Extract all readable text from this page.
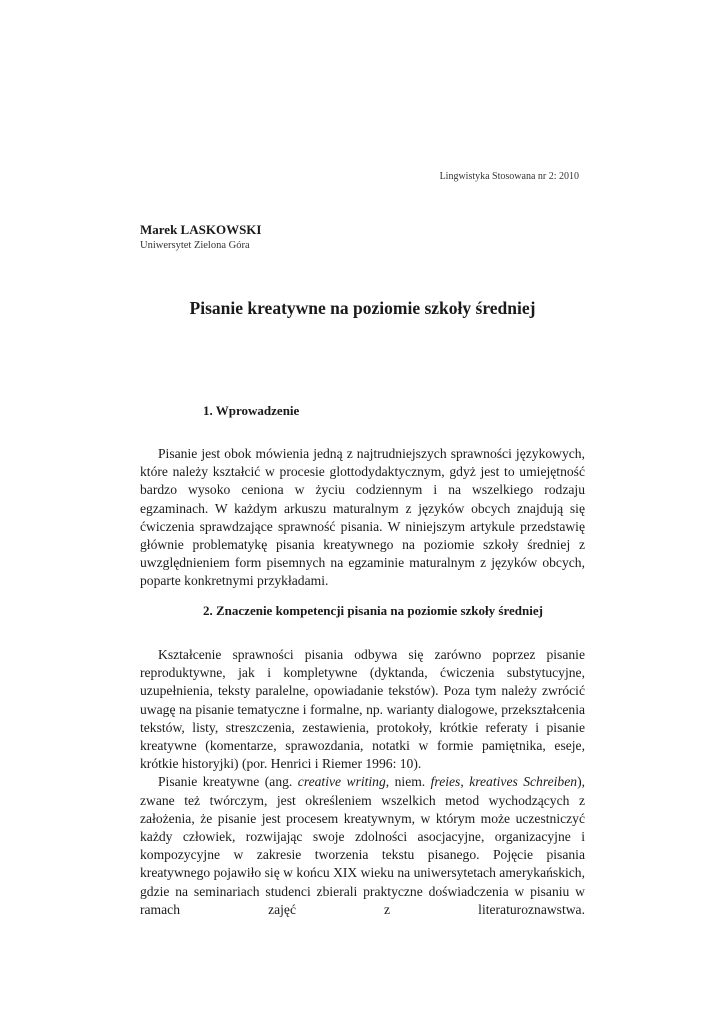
Lingwistyka Stosowana nr 2: 2010
Marek LASKOWSKI
Uniwersytet Zielona Góra
Pisanie kreatywne na poziomie szkoły średniej
1. Wprowadzenie

Pisanie jest obok mówienia jedną z najtrudniejszych sprawności językowych, które należy kształcić w procesie glottodydaktycznym, gdyż jest to umiejętność bardzo wysoko ceniona w życiu codziennym i na wszelkiego rodzaju egzaminach. W każdym arkuszu maturalnym z języków obcych znajdują się ćwiczenia sprawdzające sprawność pisania. W niniejszym artykule przedstawię głównie problematykę pisania kreatywnego na poziomie szkoły średniej z uwzględnieniem form pisemnych na egzaminie maturalnym z języków obcych, poparte konkretnymi przykładami.

2. Znaczenie kompetencji pisania na poziomie szkoły średniej

Kształcenie sprawności pisania odbywa się zarówno poprzez pisanie reproduktywne, jak i kompletywne (dyktanda, ćwiczenia substytucyjne, uzupełnienia, teksty paralelne, opowiadanie tekstów). Poza tym należy zwrócić uwagę na pisanie tematyczne i formalne, np. warianty dialogowe, przekształcenia tekstów, listy, streszczenia, zestawienia, protokoły, krótkie referaty i pisanie kreatywne (komentarze, sprawozdania, notatki w formie pamiętnika, eseje, krótkie historyjki) (por. Henrici i Riemer 1996: 10).

Pisanie kreatywne (ang. creative writing, niem. freies, kreatives Schreiben), zwane też twórczym, jest określeniem wszelkich metod wychodzących z założenia, że pisanie jest procesem kreatywnym, w którym może uczestniczyć każdy człowiek, rozwijając swoje zdolności asocjacyjne, organizacyjne i kompozycyjne w zakresie tworzenia tekstu pisanego. Pojęcie pisania kreatywnego pojawiło się w końcu XIX wieku na uniwersytetach amerykańskich, gdzie na seminariach studenci zbierali praktyczne doświadczenia w pisaniu w ramach zajęć z literaturoznawstwa.
